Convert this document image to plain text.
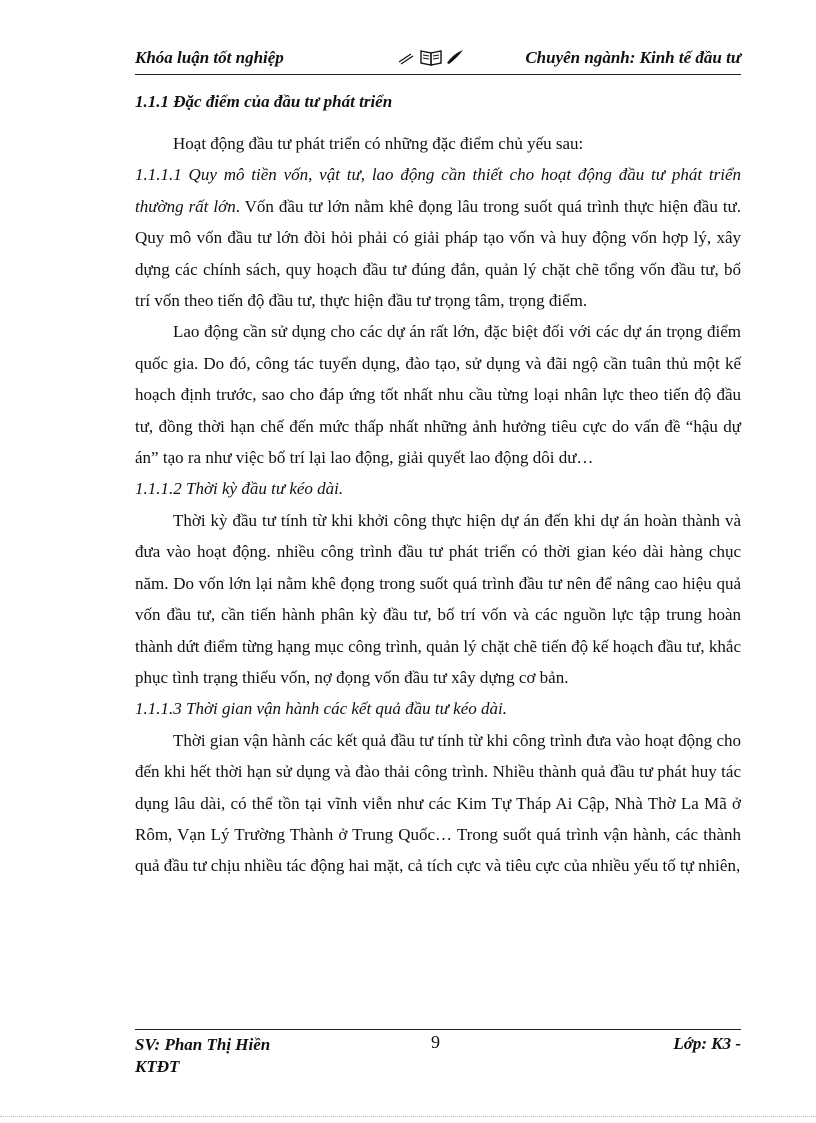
Khóa luận tốt nghiệp	Chuyên ngành: Kinh tế đầu tư
1.1.1 Đặc điểm của đầu tư phát triển

Hoạt động đầu tư phát triển có những đặc điểm chủ yếu sau:

1.1.1.1 Quy mô tiền vốn, vật tư, lao động cần thiết cho hoạt động đầu tư phát triển thường rất lớn. Vốn đầu tư lớn nằm khê đọng lâu trong suốt quá trình thực hiện đầu tư. Quy mô vốn đầu tư lớn đòi hỏi phải có giải pháp tạo vốn và huy động vốn hợp lý, xây dựng các chính sách, quy hoạch đầu tư đúng đắn, quản lý chặt chẽ tổng vốn đầu tư, bố trí vốn theo tiến độ đầu tư, thực hiện đầu tư trọng tâm, trọng điểm.

Lao động cần sử dụng cho các dự án rất lớn, đặc biệt đối với các dự án trọng điểm quốc gia. Do đó, công tác tuyển dụng, đào tạo, sử dụng và đãi ngộ cần tuân thủ một kế hoạch định trước, sao cho đáp ứng tốt nhất nhu cầu từng loại nhân lực theo tiến độ đầu tư, đồng thời hạn chế đến mức thấp nhất những ảnh hưởng tiêu cực do vấn đề “hậu dự án” tạo ra như việc bố trí lại lao động, giải quyết lao động dôi dư…

1.1.1.2 Thời kỳ đầu tư kéo dài.

Thời kỳ đầu tư tính từ khi khởi công thực hiện dự án đến khi dự án hoàn thành và đưa vào hoạt động. nhiều công trình đầu tư phát triển có thời gian kéo dài hàng chục năm. Do vốn lớn lại nằm khê đọng trong suốt quá trình đầu tư nên để nâng cao hiệu quả vốn đầu tư, cần tiến hành phân kỳ đầu tư, bố trí vốn và các nguồn lực tập trung hoàn thành dứt điểm từng hạng mục công trình, quản lý chặt chẽ tiến độ kế hoạch đầu tư, khắc phục tình trạng thiếu vốn, nợ đọng vốn đầu tư xây dựng cơ bản.

1.1.1.3 Thời gian vận hành các kết quả đầu tư kéo dài.

Thời gian vận hành các kết quả đầu tư tính từ khi công trình đưa vào hoạt động cho đến khi hết thời hạn sử dụng và đào thải công trình. Nhiều thành quả đầu tư phát huy tác dụng lâu dài, có thể tồn tại vĩnh viễn như các Kim Tự Tháp Ai Cập, Nhà Thờ La Mã ở Rôm, Vạn Lý Trường Thành ở Trung Quốc… Trong suốt quá trình vận hành, các thành quả đầu tư chịu nhiều tác động hai mặt, cả tích cực và tiêu cực của nhiều yếu tố tự nhiên,

SV: Phan Thị Hiền
KTĐT
9	Lớp: K3 -
